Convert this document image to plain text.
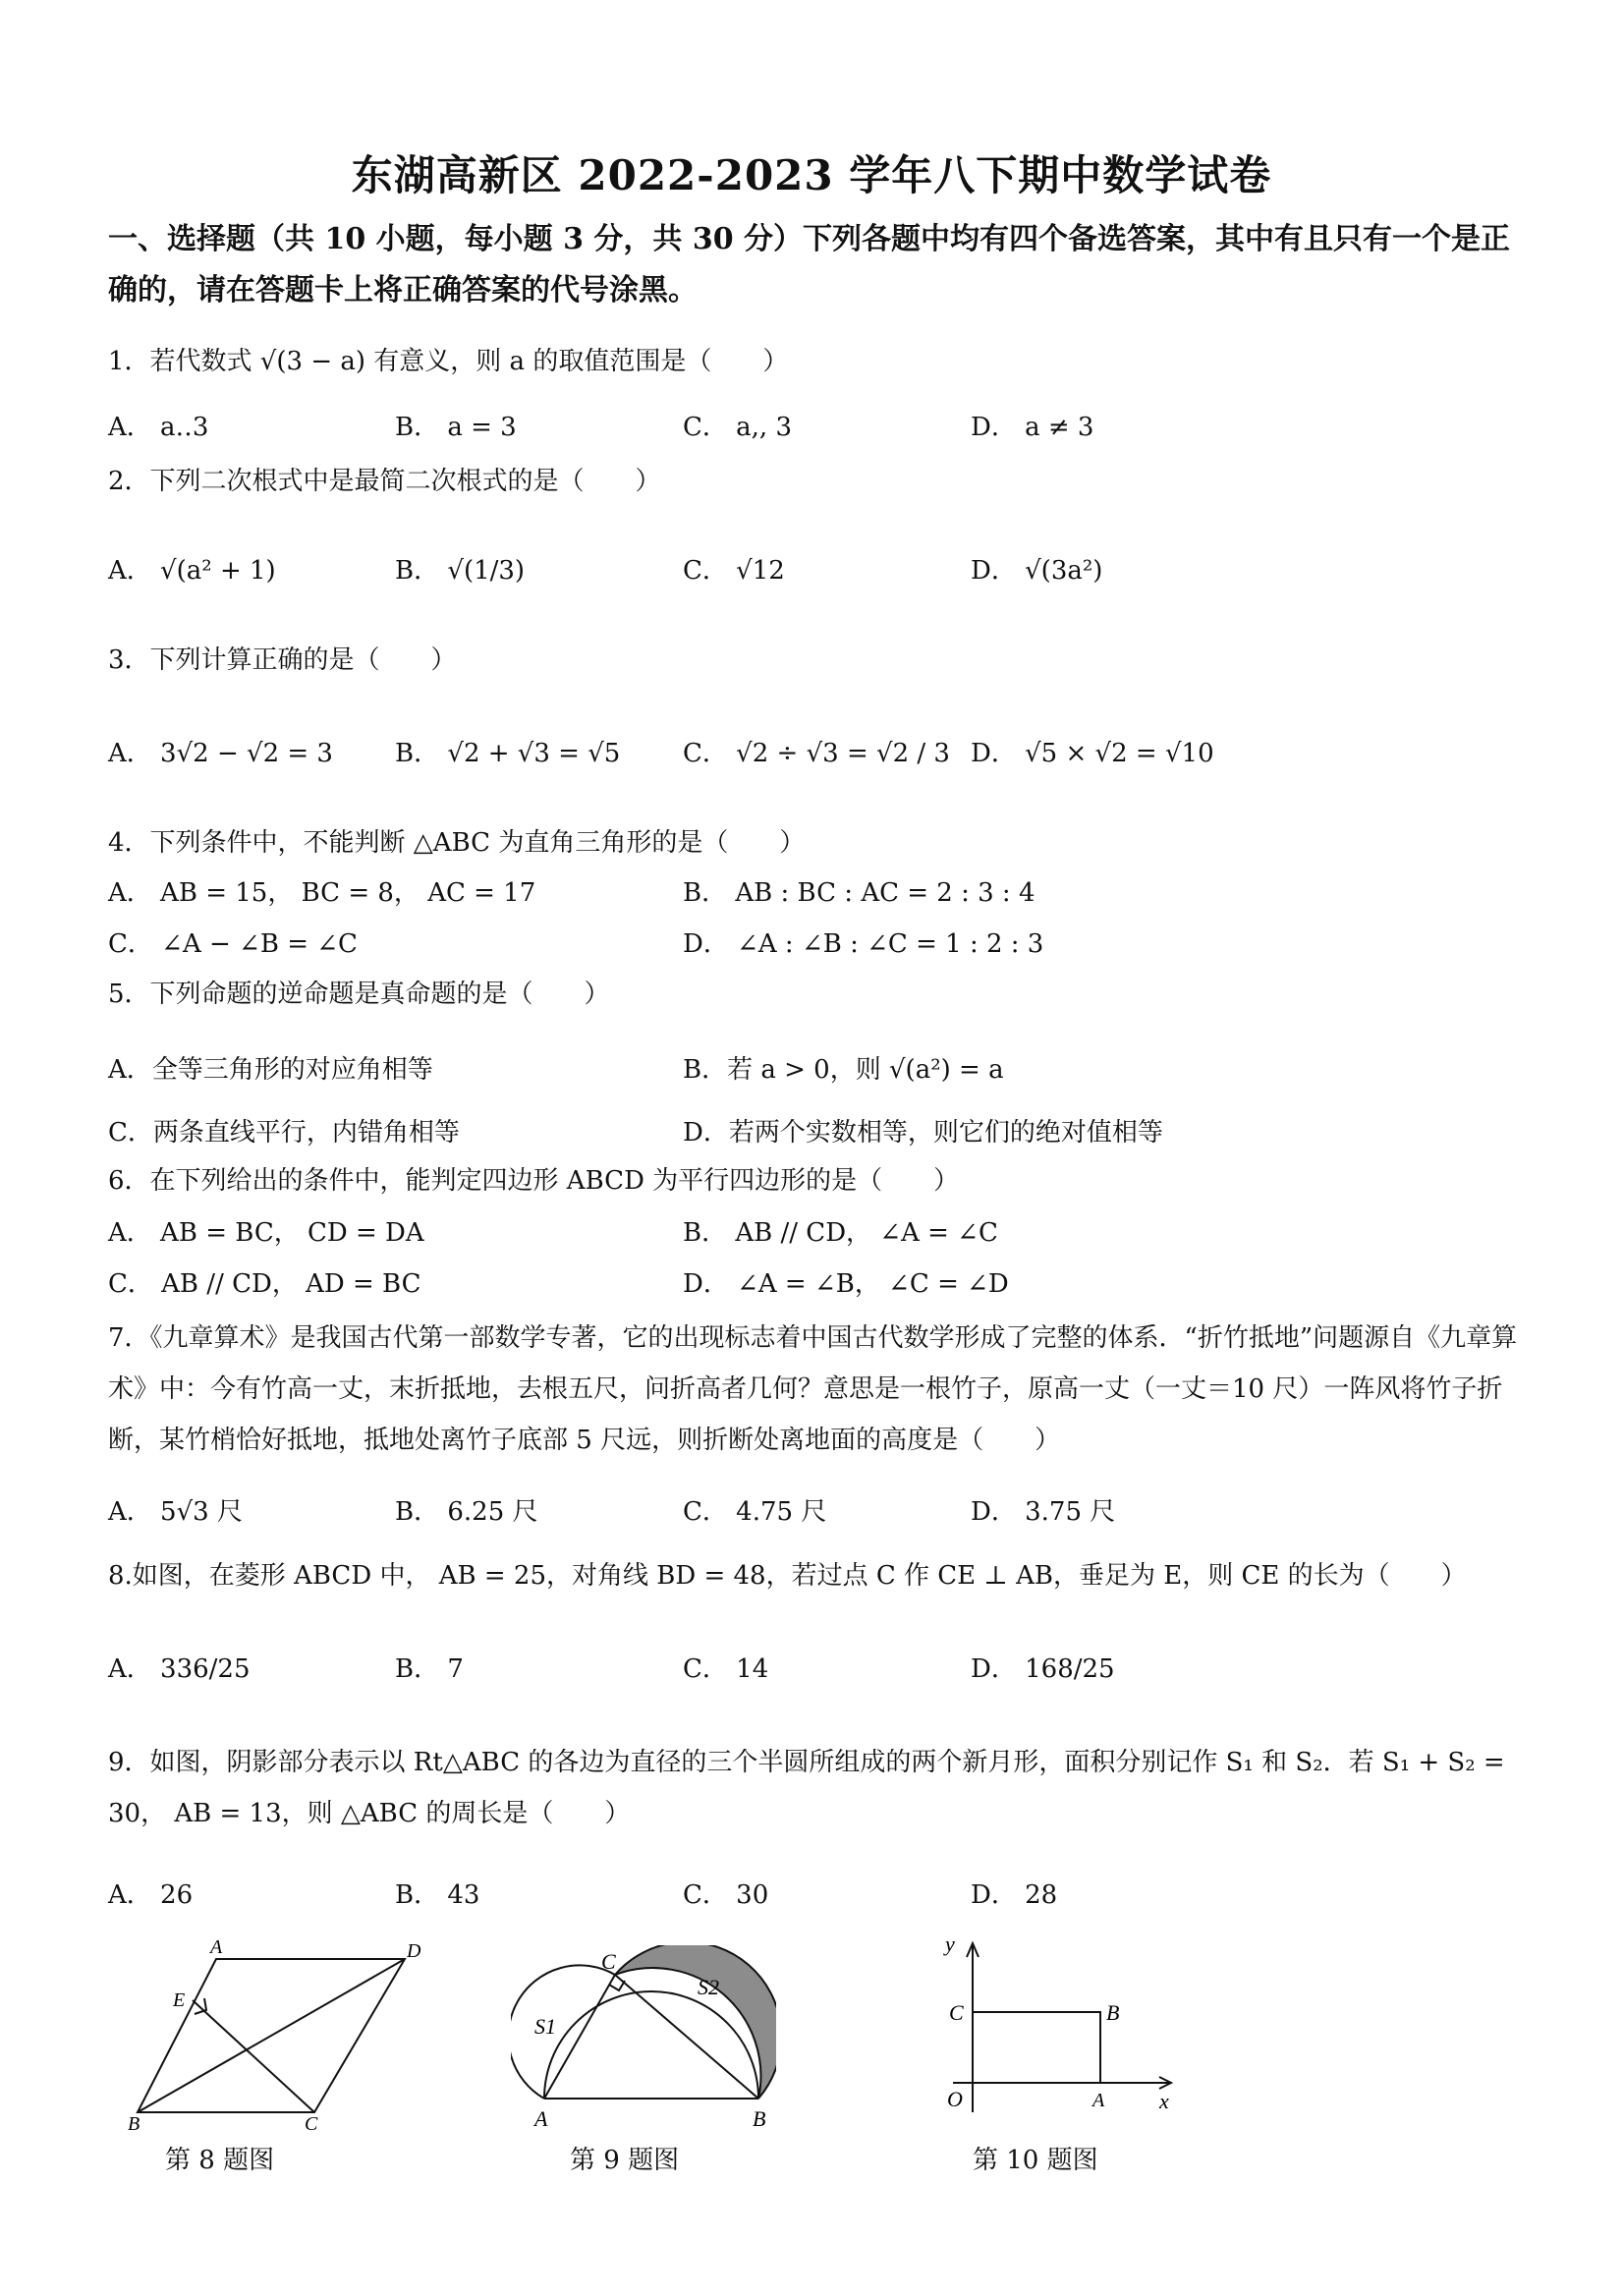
东湖高新区 2022-2023 学年八下期中数学试卷
一、选择题（共 10 小题，每小题 3 分，共 30 分）下列各题中均有四个备选答案，其中有且只有一个是正确的，请在答题卡上将正确答案的代号涂黑。
1．若代数式 √(3 − a) 有意义，则 a 的取值范围是（　　）
A． a‥3	B． a = 3	C． a,, 3	D． a ≠ 3
2．下列二次根式中是最简二次根式的是（　　）
A． √(a² + 1)	B． √(1/3)	C． √12	D． √(3a²)
3．下列计算正确的是（　　）
A． 3√2 − √2 = 3 B． √2 + √3 = √5 C． √2 ÷ √3 = √2 / 3 D． √5 × √2 = √10
4．下列条件中，不能判断 △ABC 为直角三角形的是（　　）
A． AB = 15， BC = 8， AC = 17	B． AB : BC : AC = 2 : 3 : 4
C． ∠A − ∠B = ∠C	D． ∠A : ∠B : ∠C = 1 : 2 : 3
5．下列命题的逆命题是真命题的是（　　）
A．全等三角形的对应角相等	B．若 a > 0，则 √(a²) = a
C．两条直线平行，内错角相等	D．若两个实数相等，则它们的绝对值相等
6．在下列给出的条件中，能判定四边形 ABCD 为平行四边形的是（　　）
A． AB = BC， CD = DA	B． AB // CD， ∠A = ∠C
C． AB // CD， AD = BC	D． ∠A = ∠B， ∠C = ∠D
7．《九章算术》是我国古代第一部数学专著，它的出现标志着中国古代数学形成了完整的体系．“折竹抵地”问题源自《九章算术》中：今有竹高一丈，末折抵地，去根五尺，问折高者几何？意思是一根竹子，原高一丈（一丈＝10 尺）一阵风将竹子折断，某竹梢恰好抵地，抵地处离竹子底部 5 尺远，则折断处离地面的高度是（　　）
A． 5√3 尺	B． 6.25 尺	C． 4.75 尺	D． 3.75 尺
8.如图，在菱形 ABCD 中， AB = 25，对角线 BD = 48，若过点 C 作 CE ⊥ AB，垂足为 E，则 CE 的长为（　　）
A． 336/25	B． 7	C． 14	D． 168/25
9．如图，阴影部分表示以 Rt△ABC 的各边为直径的三个半圆所组成的两个新月形，面积分别记作 S₁ 和 S₂．若 S₁ + S₂ = 30， AB = 13，则 △ABC 的周长是（　　）
A． 26	B． 43	C． 30	D． 28
A	D
E
B	C
第 8 题图
C
S1
S2
A	B
第 9 题图
y
C	B
O	A	x
第 10 题图
